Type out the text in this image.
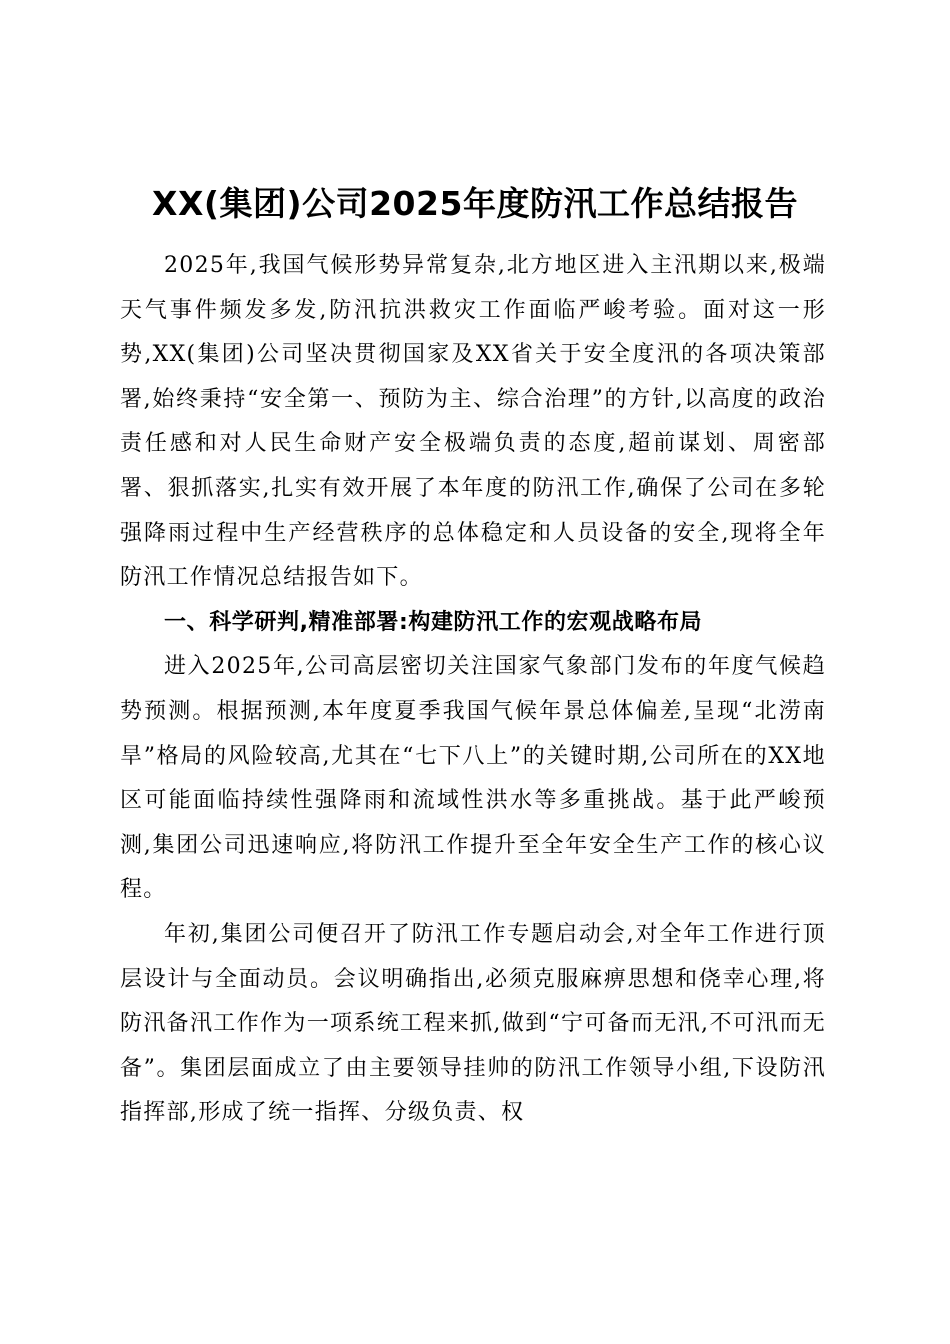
XX(集团)公司2025年度防汛工作总结报告

2025年,我国气候形势异常复杂,北方地区进入主汛期以来,极端天气事件频发多发,防汛抗洪救灾工作面临严峻考验。面对这一形势,XX(集团)公司坚决贯彻国家及XX省关于安全度汛的各项决策部署,始终秉持“安全第一、预防为主、综合治理”的方针,以高度的政治责任感和对人民生命财产安全极端负责的态度,超前谋划、周密部署、狠抓落实,扎实有效开展了本年度的防汛工作,确保了公司在多轮强降雨过程中生产经营秩序的总体稳定和人员设备的安全,现将全年防汛工作情况总结报告如下。

一、科学研判,精准部署:构建防汛工作的宏观战略布局

进入2025年,公司高层密切关注国家气象部门发布的年度气候趋势预测。根据预测,本年度夏季我国气候年景总体偏差,呈现“北涝南旱”格局的风险较高,尤其在“七下八上”的关键时期,公司所在的XX地区可能面临持续性强降雨和流域性洪水等多重挑战。基于此严峻预测,集团公司迅速响应,将防汛工作提升至全年安全生产工作的核心议程。

年初,集团公司便召开了防汛工作专题启动会,对全年工作进行顶层设计与全面动员。会议明确指出,必须克服麻痹思想和侥幸心理,将防汛备汛工作作为一项系统工程来抓,做到“宁可备而无汛,不可汛而无备”。集团层面成立了由主要领导挂帅的防汛工作领导小组,下设防汛指挥部,形成了统一指挥、分级负责、权
